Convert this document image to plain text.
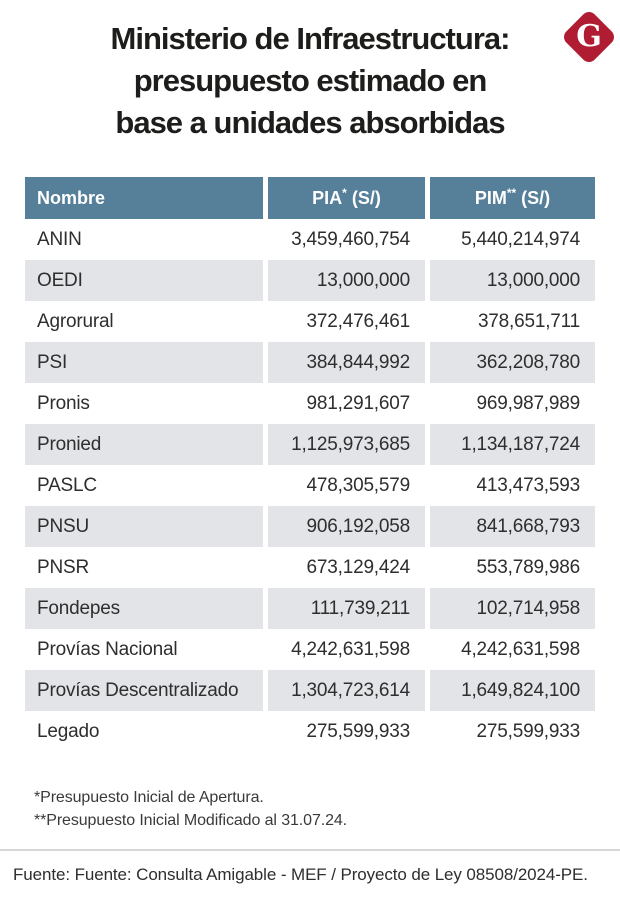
Ministerio de Infraestructura:
presupuesto estimado en
base a unidades absorbidas
G
Nombre	PIA* (S/)	PIM** (S/)
ANIN	3,459,460,754	5,440,214,974
OEDI	13,000,000	13,000,000
Agrorural	372,476,461	378,651,711
PSI	384,844,992	362,208,780
Pronis	981,291,607	969,987,989
Pronied	1,125,973,685	1,134,187,724
PASLC	478,305,579	413,473,593
PNSU	906,192,058	841,668,793
PNSR	673,129,424	553,789,986
Fondepes	111,739,211	102,714,958
Provías Nacional	4,242,631,598	4,242,631,598
Provías Descentralizado	1,304,723,614	1,649,824,100
Legado	275,599,933	275,599,933
*Presupuesto Inicial de Apertura.
**Presupuesto Inicial Modificado al 31.07.24.
Fuente: Fuente: Consulta Amigable - MEF / Proyecto de Ley 08508/2024-PE.
